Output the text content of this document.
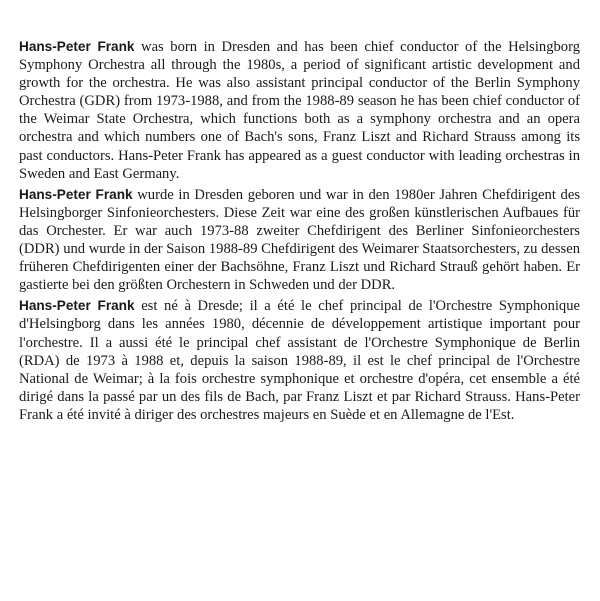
Hans-Peter Frank was born in Dresden and has been chief conductor of the Helsingborg Symphony Orchestra all through the 1980s, a period of significant artistic development and growth for the orchestra. He was also assistant principal conductor of the Berlin Symphony Orchestra (GDR) from 1973-1988, and from the 1988-89 season he has been chief conductor of the Weimar State Orchestra, which functions both as a symphony orchestra and an opera orchestra and which numbers one of Bach's sons, Franz Liszt and Richard Strauss among its past conductors. Hans-Peter Frank has appeared as a guest conductor with leading orchestras in Sweden and East Germany.

Hans-Peter Frank wurde in Dresden geboren und war in den 1980er Jahren Chefdirigent des Helsingborger Sinfonieorchesters. Diese Zeit war eine des großen künstlerischen Aufbaues für das Orchester. Er war auch 1973-88 zweiter Chefdirigent des Berliner Sinfonieorchesters (DDR) und wurde in der Saison 1988-89 Chefdirigent des Weimarer Staatsorchesters, zu dessen früheren Chefdirigenten einer der Bachsöhne, Franz Liszt und Richard Strauß gehört haben. Er gastierte bei den größten Orchestern in Schweden und der DDR.

Hans-Peter Frank est né à Dresde; il a été le chef principal de l'Orchestre Symphonique d'Helsingborg dans les années 1980, décennie de développement artistique important pour l'orchestre. Il a aussi été le principal chef assistant de l'Orchestre Symphonique de Berlin (RDA) de 1973 à 1988 et, depuis la saison 1988-89, il est le chef principal de l'Orchestre National de Weimar; à la fois orchestre symphonique et orchestre d'opéra, cet ensemble a été dirigé dans la passé par un des fils de Bach, par Franz Liszt et par Richard Strauss. Hans-Peter Frank a été invité à diriger des orchestres majeurs en Suède et en Allemagne de l'Est.
